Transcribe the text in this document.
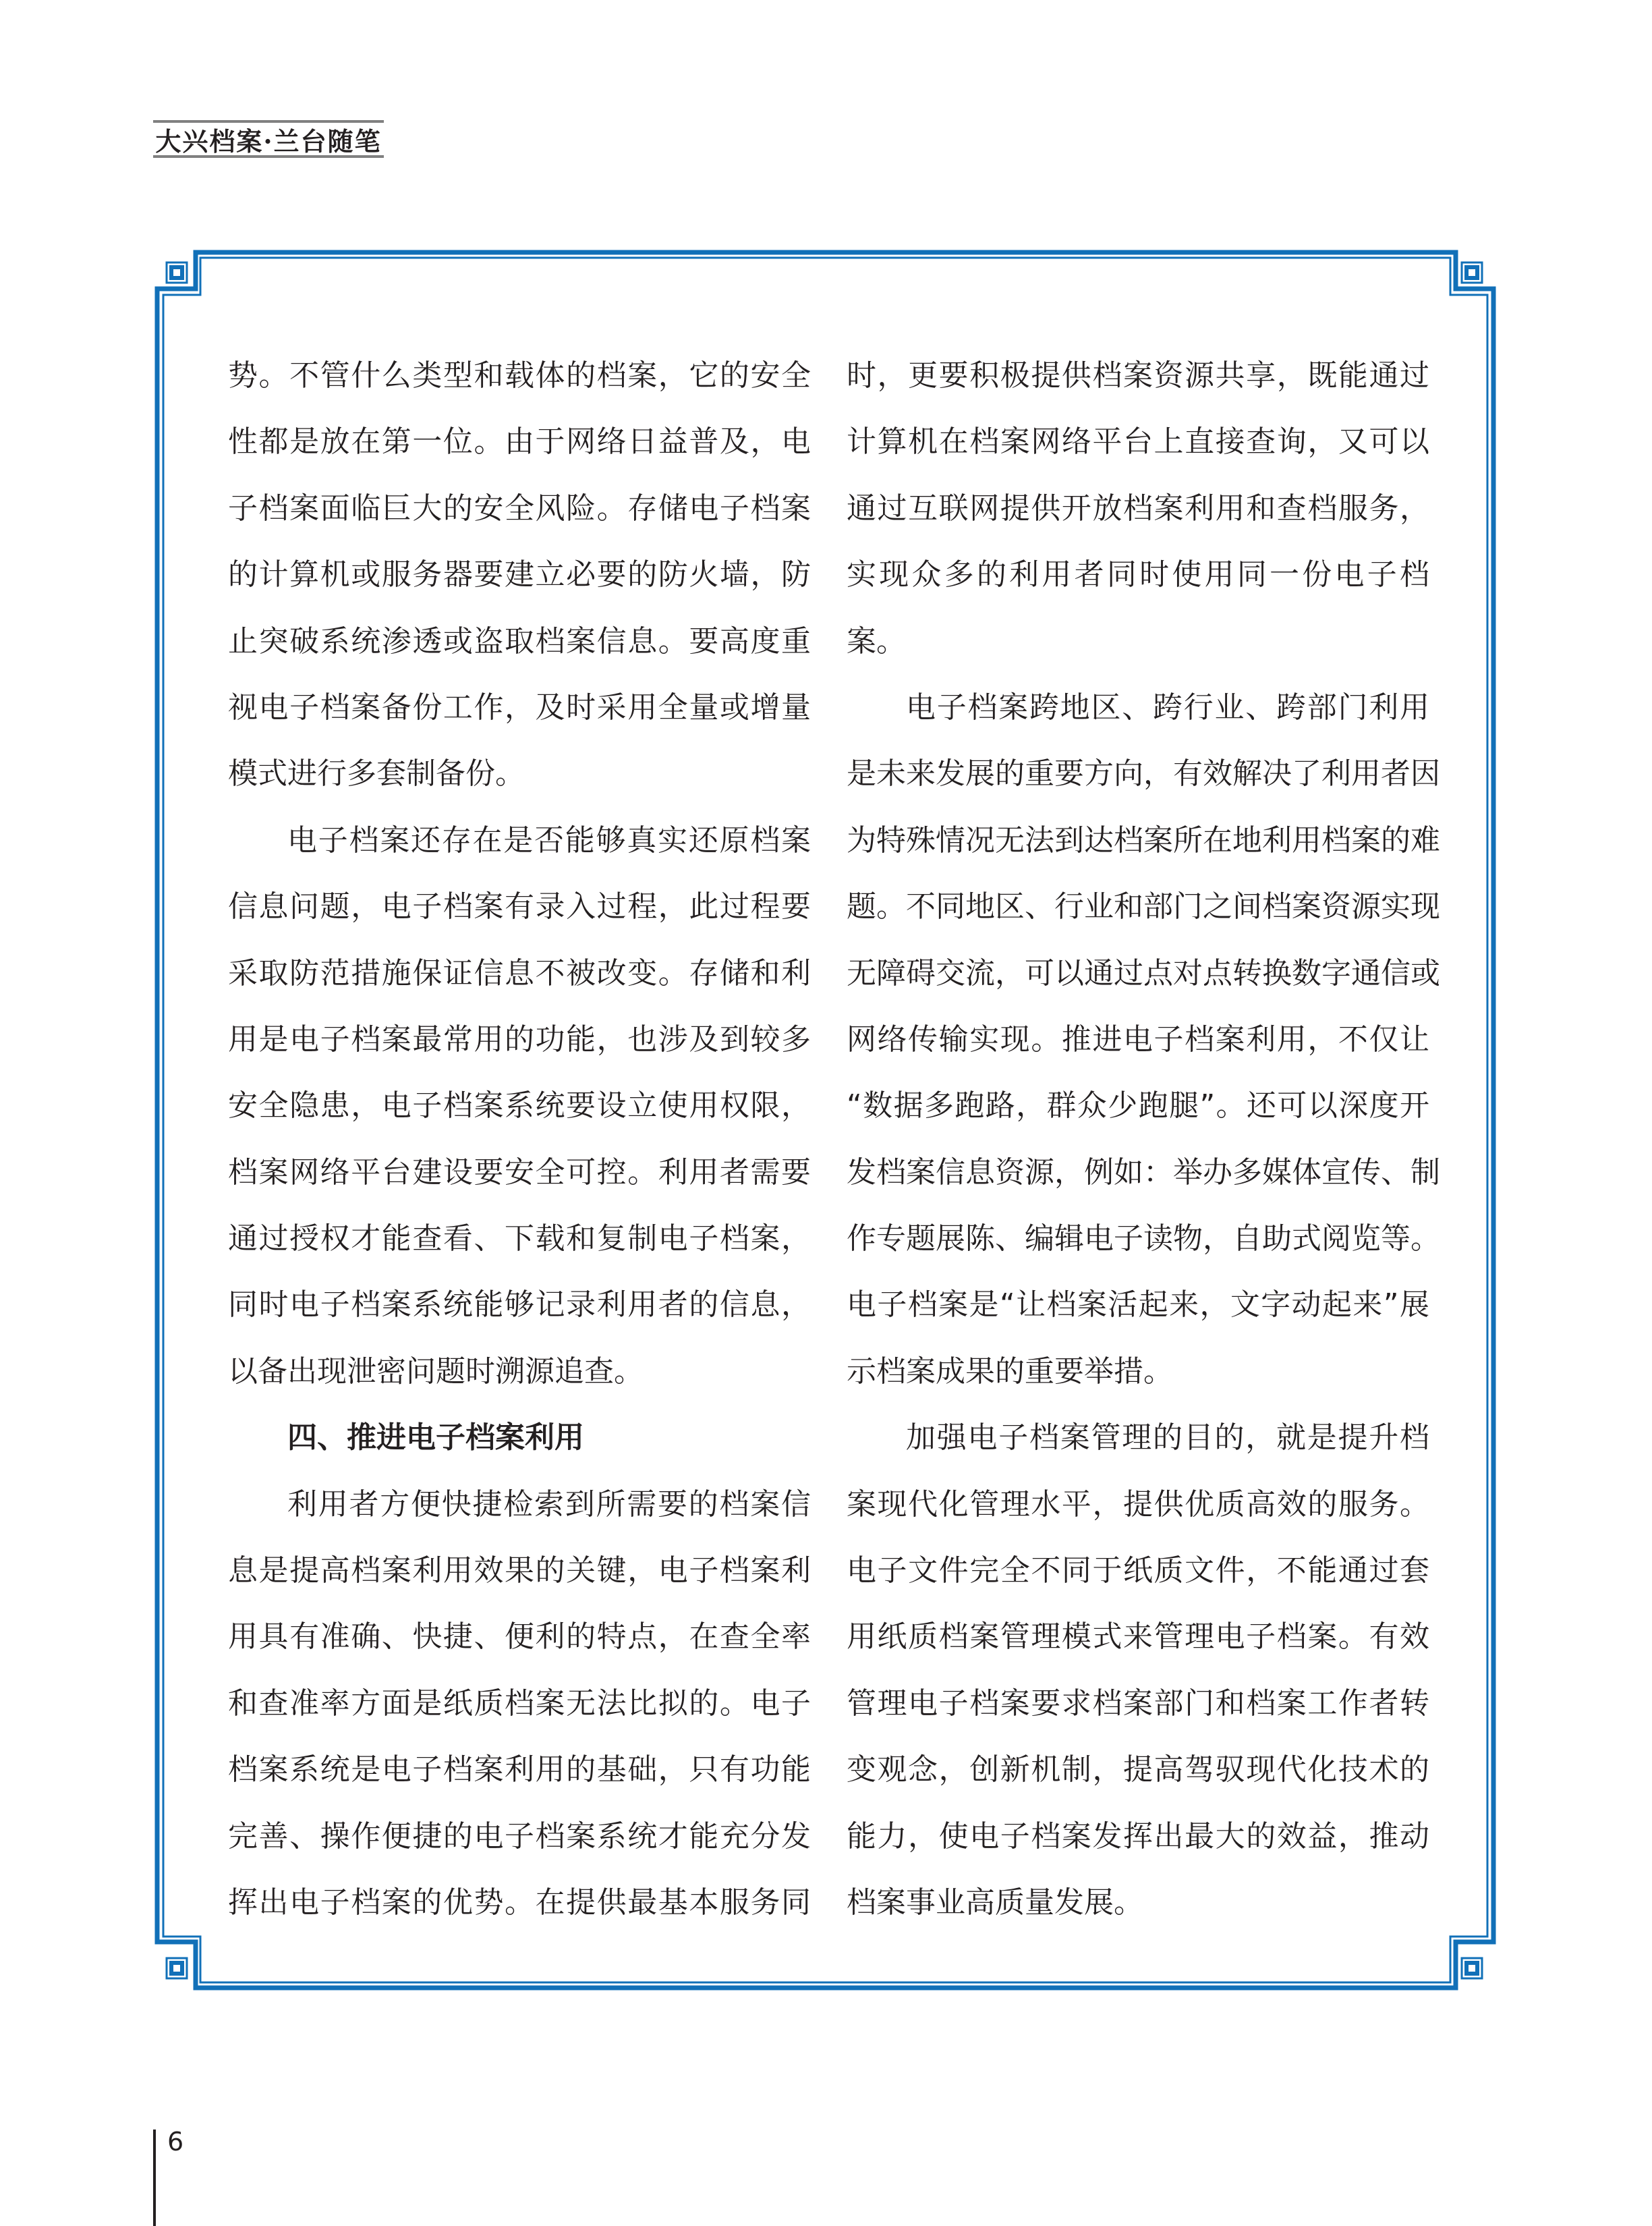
大兴档案·兰台随笔
势。不管什么类型和载体的档案，它的安全
性都是放在第一位。由于网络日益普及，电
子档案面临巨大的安全风险。存储电子档案
的计算机或服务器要建立必要的防火墙，防
止突破系统渗透或盗取档案信息。要高度重
视电子档案备份工作，及时采用全量或增量
模式进行多套制备份。
电子档案还存在是否能够真实还原档案
信息问题，电子档案有录入过程，此过程要
采取防范措施保证信息不被改变。存储和利
用是电子档案最常用的功能，也涉及到较多
安全隐患，电子档案系统要设立使用权限，
档案网络平台建设要安全可控。利用者需要
通过授权才能查看、下载和复制电子档案，
同时电子档案系统能够记录利用者的信息，
以备出现泄密问题时溯源追查。
四、推进电子档案利用
利用者方便快捷检索到所需要的档案信
息是提高档案利用效果的关键，电子档案利
用具有准确、快捷、便利的特点，在查全率
和查准率方面是纸质档案无法比拟的。电子
档案系统是电子档案利用的基础，只有功能
完善、操作便捷的电子档案系统才能充分发
挥出电子档案的优势。在提供最基本服务同
时，更要积极提供档案资源共享，既能通过
计算机在档案网络平台上直接查询，又可以
通过互联网提供开放档案利用和查档服务，
实现众多的利用者同时使用同一份电子档
案。
电子档案跨地区、跨行业、跨部门利用
是未来发展的重要方向，有效解决了利用者因
为特殊情况无法到达档案所在地利用档案的难
题。不同地区、行业和部门之间档案资源实现
无障碍交流，可以通过点对点转换数字通信或
网络传输实现。推进电子档案利用，不仅让
“数据多跑路，群众少跑腿”。还可以深度开
发档案信息资源，例如：举办多媒体宣传、制
作专题展陈、编辑电子读物，自助式阅览等。
电子档案是“让档案活起来，文字动起来”展
示档案成果的重要举措。
加强电子档案管理的目的，就是提升档
案现代化管理水平，提供优质高效的服务。
电子文件完全不同于纸质文件，不能通过套
用纸质档案管理模式来管理电子档案。有效
管理电子档案要求档案部门和档案工作者转
变观念，创新机制，提高驾驭现代化技术的
能力，使电子档案发挥出最大的效益，推动
档案事业高质量发展。
6
